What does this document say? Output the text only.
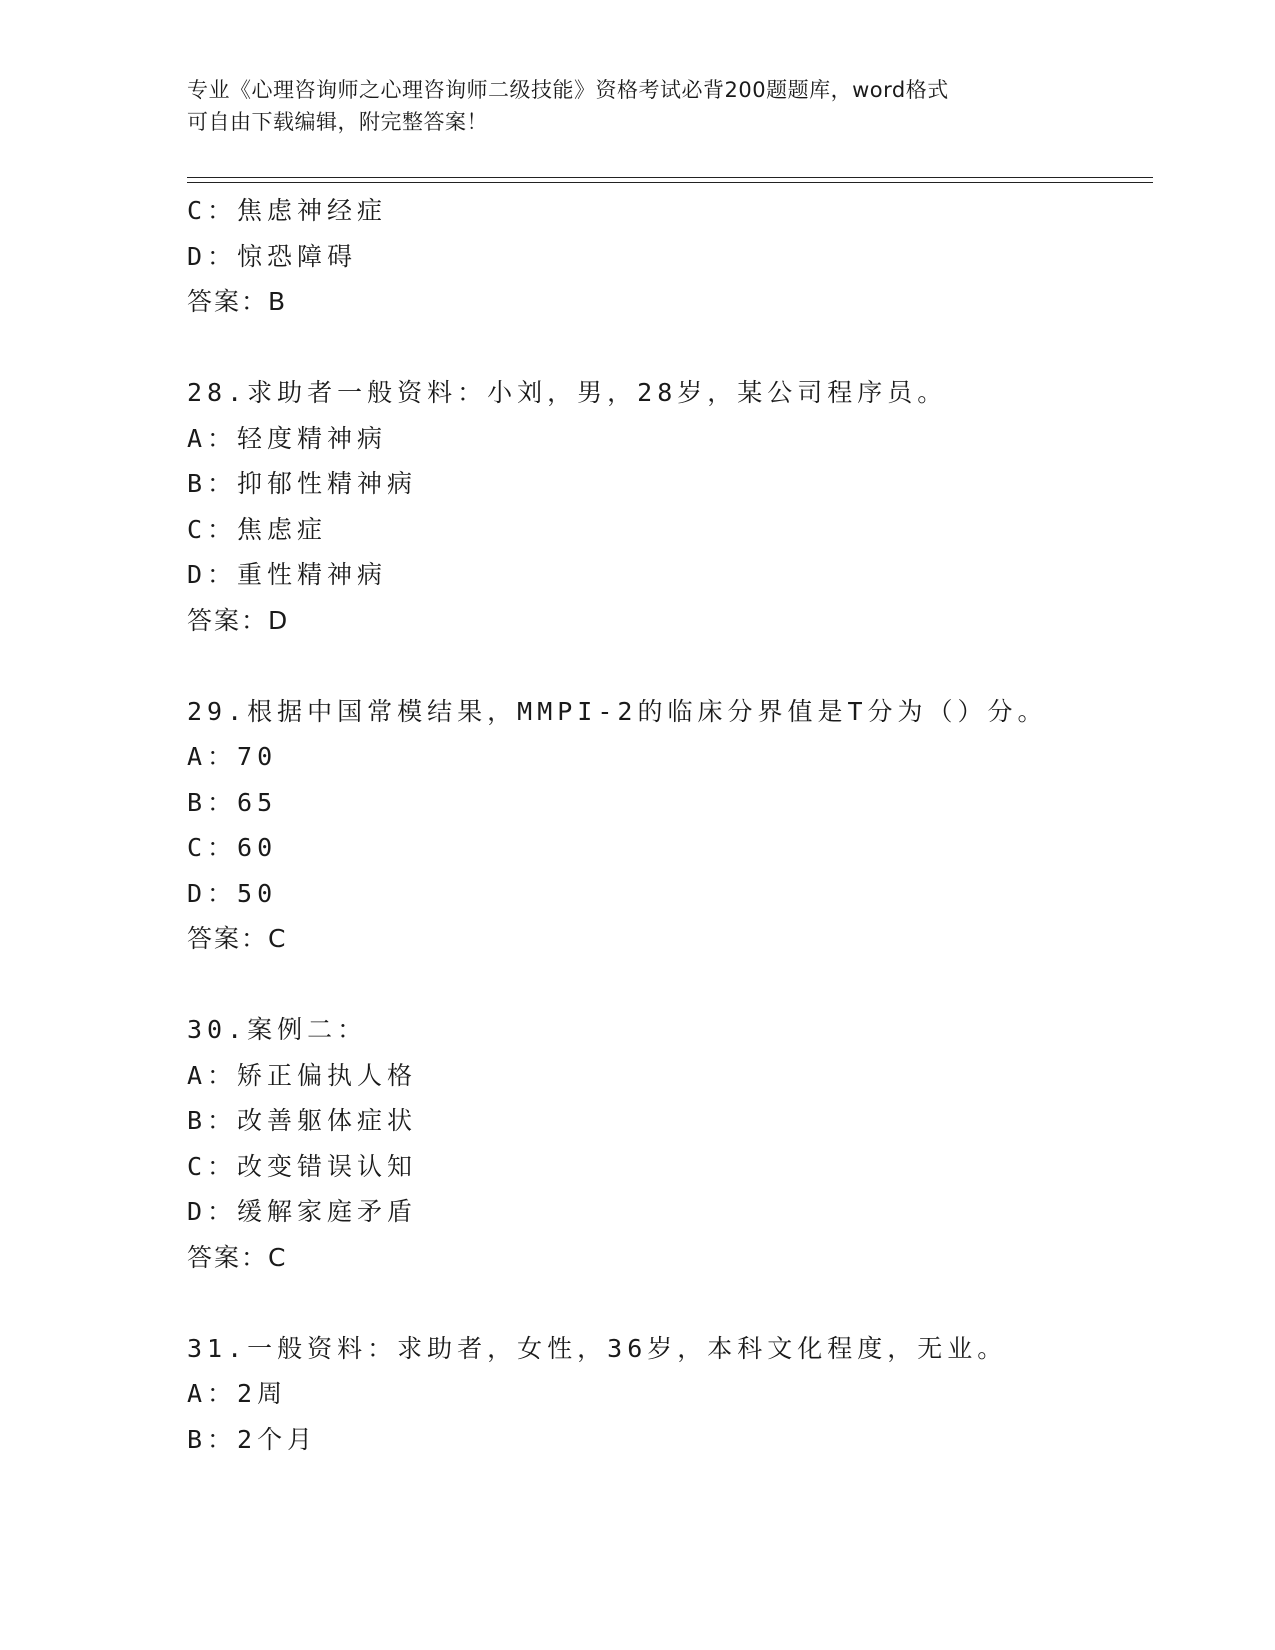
专业《心理咨询师之心理咨询师二级技能》资格考试必背200题题库，word格式
可自由下载编辑，附完整答案！
C：焦虑神经症
D：惊恐障碍
答案：B
28.求助者一般资料：小刘，男，28岁，某公司程序员。
A：轻度精神病
B：抑郁性精神病
C：焦虑症
D：重性精神病
答案：D
29.根据中国常模结果，MMPI-2的临床分界值是T分为（）分。
A：70
B：65
C：60
D：50
答案：C
30.案例二：
A：矫正偏执人格
B：改善躯体症状
C：改变错误认知
D：缓解家庭矛盾
答案：C
31.一般资料：求助者，女性，36岁，本科文化程度，无业。
A：2周
B：2个月
